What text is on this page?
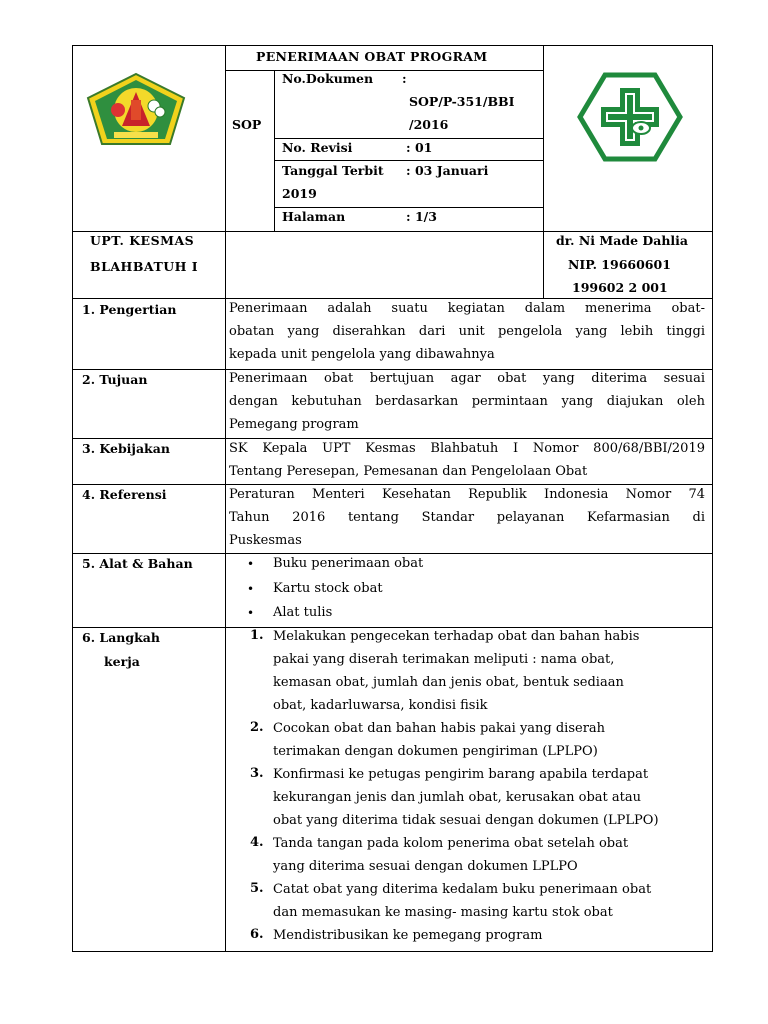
PENERIMAAN OBAT PROGRAM
SOP
No.Dokumen :
SOP/P-351/BBI
/2016
No. Revisi	: 01
Tanggal Terbit : 03 Januari
2019
Halaman	: 1/3
UPT. KESMAS
BLAHBATUH I
dr. Ni Made Dahlia
NIP. 19660601
199602 2 001
1. Pengertian
2. Tujuan
3. Kebijakan
4. Referensi
5. Alat & Bahan
6. Langkah
kerja
Penerimaan adalah suatu kegiatan dalam menerima obat-
obatan yang diserahkan dari unit pengelola yang lebih tinggi
kepada unit pengelola yang dibawahnya
Penerimaan obat bertujuan agar obat yang diterima sesuai
dengan kebutuhan berdasarkan permintaan yang diajukan oleh
Pemegang program
SK Kepala UPT Kesmas Blahbatuh I Nomor 800/68/BBI/2019
Tentang Peresepan, Pemesanan dan Pengelolaan Obat
Peraturan Menteri Kesehatan Republik Indonesia Nomor 74
Tahun 2016 tentang Standar pelayanan Kefarmasian di
Puskesmas
• Buku penerimaan obat
• Kartu stock obat
• Alat tulis
1. Melakukan pengecekan terhadap obat dan bahan habis
pakai yang diserah terimakan meliputi : nama obat,
kemasan obat, jumlah dan jenis obat, bentuk sediaan
obat, kadarluwarsa, kondisi fisik
2. Cocokan obat dan bahan habis pakai yang diserah
terimakan dengan dokumen pengiriman (LPLPO)
3. Konfirmasi ke petugas pengirim barang apabila terdapat
kekurangan jenis dan jumlah obat, kerusakan obat atau
obat yang diterima tidak sesuai dengan dokumen (LPLPO)
4. Tanda tangan pada kolom penerima obat setelah obat
yang diterima sesuai dengan dokumen LPLPO
5. Catat obat yang diterima kedalam buku penerimaan obat
dan memasukan ke masing- masing kartu stok obat
6. Mendistribusikan ke pemegang program
